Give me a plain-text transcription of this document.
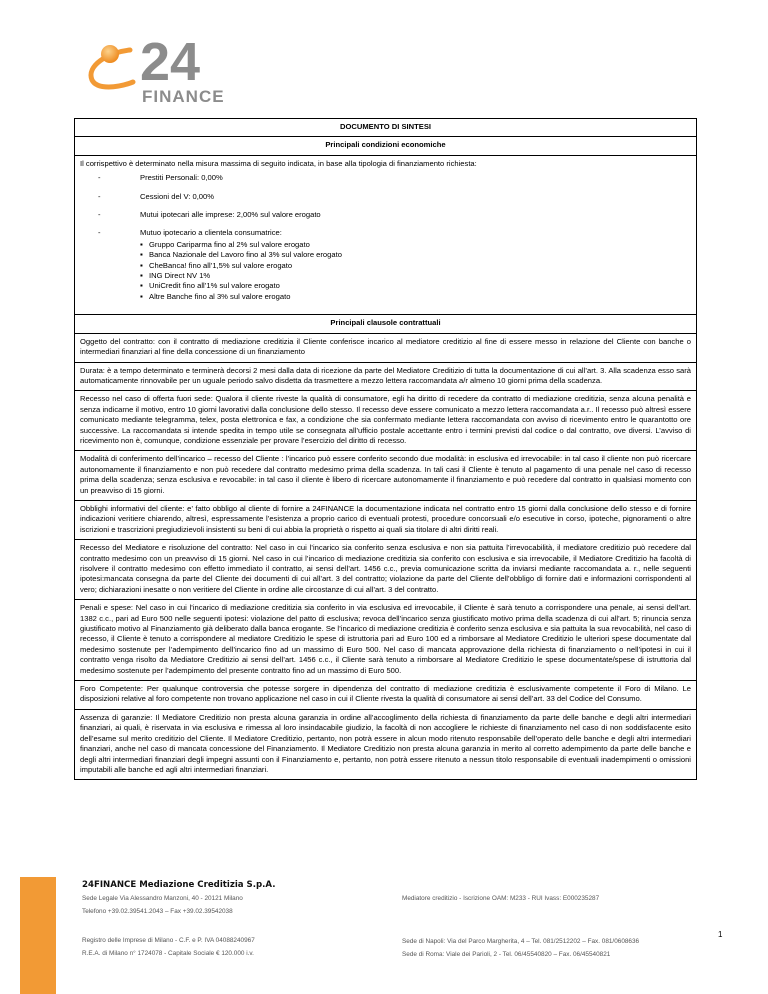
24
FINANCE
DOCUMENTO DI SINTESI
Principali condizioni economiche

Il corrispettivo è determinato nella misura massima di seguito indicata, in base alla tipologia di finanziamento richiesta:
-	Prestiti Personali: 0,00%
-	Cessioni del V: 0,00%
-	Mutui ipotecari alle imprese: 2,00% sul valore erogato
-	Mutuo ipotecario a clientela consumatrice:
▪ Gruppo Cariparma fino al 2% sul valore erogato
▪ Banca Nazionale del Lavoro fino al 3% sul valore erogato
▪ CheBanca! fino all’1,5% sul valore erogato
▪ ING Direct NV 1%
▪ UniCredit fino all’1% sul valore erogato
▪ Altre Banche fino al 3% sul valore erogato

Principali clausole contrattuali
Oggetto del contratto: con il contratto di mediazione creditizia il Cliente conferisce incarico al mediatore creditizio al fine di essere messo in relazione del Cliente con banche o intermediari finanziari al fine della concessione di un finanziamento
Durata: è a tempo determinato e terminerà decorsi 2 mesi dalla data di ricezione da parte del Mediatore Creditizio di tutta la documentazione di cui all’art. 3. Alla scadenza esso sarà automaticamente rinnovabile per un uguale periodo salvo disdetta da trasmettere a mezzo lettera raccomandata a/r almeno 10 giorni prima della scadenza.
Recesso nel caso di offerta fuori sede: Qualora il cliente riveste la qualità di consumatore, egli ha diritto di recedere da contratto di mediazione creditizia, senza alcuna penalità e senza indicarne il motivo, entro 10 giorni lavorativi dalla conclusione dello stesso. Il recesso deve essere comunicato a mezzo lettera raccomandata a.r.. Il recesso può altresì essere comunicato mediante telegramma, telex, posta elettronica e fax, a condizione che sia confermato mediante lettera raccomandata con avviso di ricevimento entro le quarantotto ore successive. La raccomandata si intende spedita in tempo utile se consegnata all’ufficio postale accettante entro i termini previsti dal codice o dal contratto, ove diversi. L’avviso di ricevimento non è, comunque, condizione essenziale per provare l’esercizio del diritto di recesso.
Modalità di conferimento dell’incarico – recesso del Cliente : l’incarico può essere conferito secondo due modalità: in esclusiva ed irrevocabile: in tal caso il cliente non può ricercare autonomamente il finanziamento e non può recedere dal contratto medesimo prima della scadenza. In tali casi il Cliente è tenuto al pagamento di una penale nel caso di recesso prima della scadenza; senza esclusiva e revocabile: in tal caso il cliente è libero di ricercare autonomamente il finanziamento e può recedere dal contratto in qualsiasi momento con un preavviso di 15 giorni.
Obblighi informativi del cliente: e’ fatto obbligo al cliente di fornire a 24FINANCE la documentazione indicata nel contratto entro 15 giorni dalla conclusione dello stesso e di fornire indicazioni veritiere chiarendo, altresì, espressamente l’esistenza a proprio carico di eventuali protesti, procedure concorsuali e/o esecutive in corso, ipoteche, pignoramenti o altre iscrizioni e trascrizioni pregiudizievoli insistenti su beni di cui abbia la proprietà o rispetto ai quali sia titolare di altri diritti reali.
Recesso del Mediatore e risoluzione del contratto: Nel caso in cui l’incarico sia conferito senza esclusiva e non sia pattuita l’irrevocabilità, il mediatore creditizio può recedere dal contratto medesimo con un preavviso di 15 giorni. Nel caso in cui l’incarico di mediazione creditizia sia conferito con esclusiva e sia irrevocabile, il Mediatore Creditizio ha facoltà di risolvere il contratto medesimo con effetto immediato il contratto, ai sensi dell’art. 1456 c.c., previa comunicazione scritta da inviarsi mediante raccomandata a. r., nelle seguenti ipotesi:mancata consegna da parte del Cliente dei documenti di cui all’art. 3 del contratto; violazione da parte del Cliente dell’obbligo di fornire dati e informazioni corrispondenti al vero; dichiarazioni inesatte o non veritiere del Cliente in ordine alle circostanze di cui all’art. 3 del contratto.
Penali e spese: Nel caso in cui l’incarico di mediazione creditizia sia conferito in via esclusiva ed irrevocabile, il Cliente è sarà tenuto a corrispondere una penale, ai sensi dell’art. 1382 c.c., pari ad Euro 500 nelle seguenti ipotesi: violazione del patto di esclusiva; revoca dell’incarico senza giustificato motivo prima della scadenza di cui all’art. 5; rinuncia senza giustificato motivo al Finanziamento già deliberato dalla banca erogante. Se l’incarico di mediazione creditizia è conferito senza esclusiva e sia pattuita la sua revocabilità, nel caso di recesso, il Cliente è tenuto a corrispondere al mediatore Creditizio le spese di istruttoria pari ad Euro 100 ed a rimborsare al Mediatore Creditizio le ulteriori spese documentate dal medesimo sostenute per l’adempimento dell’incarico fino ad un massimo di Euro 500. Nel caso di mancata approvazione della richiesta di finanziamento o nell’ipotesi in cui il contratto venga risolto da Mediatore Creditizio ai sensi dell’art. 1456 c.c., il Cliente sarà tenuto a rimborsare al Mediatore Creditizio le spese documentate/spese di istruttoria dal medesimo sostenute per l’adempimento del presente contratto fino ad un massimo di Euro 500.
Foro Competente: Per qualunque controversia che potesse sorgere in dipendenza del contratto di mediazione creditizia è esclusivamente competente il Foro di Milano. Le disposizioni relative al foro competente non trovano applicazione nel caso in cui il Cliente rivesta la qualità di consumatore ai sensi dell’art. 33 del Codice del Consumo.
Assenza di garanzie: Il Mediatore Creditizio non presta alcuna garanzia in ordine all’accoglimento della richiesta di finanziamento da parte delle banche e degli altri intermediari finanziari, ai quali, è riservata in via esclusiva e rimessa al loro insindacabile giudizio, la facoltà di non accogliere le richieste di finanziamento nel caso di non soddisfacente esito dell’esame sul merito creditizio del Cliente. Il Mediatore Creditizio, pertanto, non potrà essere in alcun modo ritenuto responsabile dell’operato delle banche e degli altri intermediari finanziari, anche nel caso di mancata concessione del Finanziamento. Il Mediatore Creditizio non presta alcuna garanzia in merito al corretto adempimento da parte delle banche e degli altri intermediari finanziari degli impegni assunti con il Finanziamento e, pertanto, non potrà essere ritenuto a nessun titolo responsabile di eventuali inadempimenti o omissioni imputabili alle banche ed agli altri intermediari finanziari.
24FINANCE Mediazione Creditizia S.p.A.
Sede Legale Via Alessandro Manzoni, 40 - 20121 Milano
Telefono +39.02.39541.2043 – Fax +39.02.39542038
Registro delle Imprese di Milano - C.F. e P. IVA 04088240967
R.E.A. di Milano n° 1724078 - Capitale Sociale € 120.000 i.v.
Mediatore creditizio - Iscrizione OAM: M233 - RUI Ivass: E000235287
Sede di Napoli: Via del Parco Margherita, 4 – Tel. 081/2512202 – Fax. 081/0608636
Sede di Roma: Viale dei Parioli, 2 - Tel. 06/45540820 – Fax. 06/45540821
1
